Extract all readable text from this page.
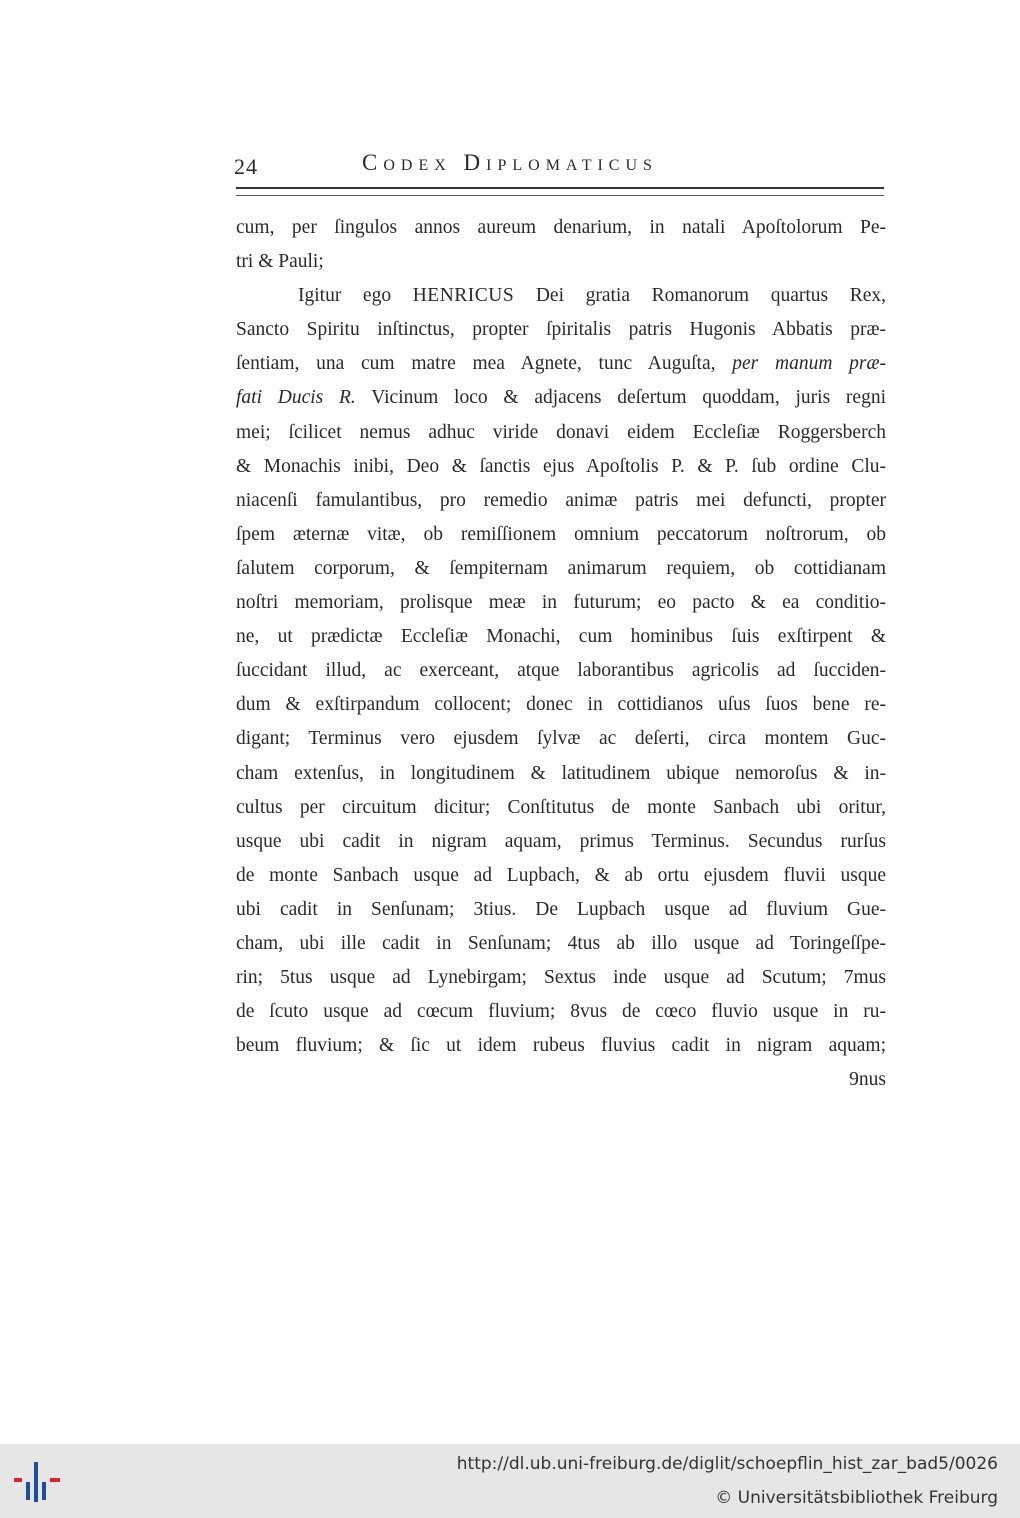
24	Codex Diplomaticus
cum, per ſingulos annos aureum denarium, in natali Apoſtolorum Pe-
tri & Pauli;
Igitur ego HENRICUS Dei gratia Romanorum quartus Rex,
Sancto Spiritu inſtinctus, propter ſpiritalis patris Hugonis Abbatis præ-
ſentiam, una cum matre mea Agnete, tunc Auguſta, per manum præ-
fati Ducis R. Vicinum loco & adjacens deſertum quoddam, juris regni
mei; ſcilicet nemus adhuc viride donavi eidem Eccleſiæ Roggersberch
& Monachis inibi, Deo & ſanctis ejus Apoſtolis P. & P. ſub ordine Clu-
niacenſi famulantibus, pro remedio animæ patris mei defuncti, propter
ſpem æternæ vitæ, ob remiſſionem omnium peccatorum noſtrorum, ob
ſalutem corporum, & ſempiternam animarum requiem, ob cottidianam
noſtri memoriam, prolisque meæ in futurum; eo pacto & ea conditio-
ne, ut prædictæ Eccleſiæ Monachi, cum hominibus ſuis exſtirpent &
ſuccidant illud, ac exerceant, atque laborantibus agricolis ad ſucciden-
dum & exſtirpandum collocent; donec in cottidianos uſus ſuos bene re-
digant; Terminus vero ejusdem ſylvæ ac deſerti, circa montem Guc-
cham extenſus, in longitudinem & latitudinem ubique nemoroſus & in-
cultus per circuitum dicitur; Conſtitutus de monte Sanbach ubi oritur,
usque ubi cadit in nigram aquam, primus Terminus. Secundus rurſus
de monte Sanbach usque ad Lupbach, & ab ortu ejusdem fluvii usque
ubi cadit in Senſunam; 3tius. De Lupbach usque ad fluvium Gue-
cham, ubi ille cadit in Senſunam; 4tus ab illo usque ad Toringeſſpe-
rin; 5tus usque ad Lynebirgam; Sextus inde usque ad Scutum; 7mus
de ſcuto usque ad cœcum fluvium; 8vus de cœco fluvio usque in ru-
beum fluvium; & ſic ut idem rubeus fluvius cadit in nigram aquam;
9nus
http://dl.ub.uni-freiburg.de/diglit/schoepflin_hist_zar_bad5/0026
© Universitätsbibliothek Freiburg
